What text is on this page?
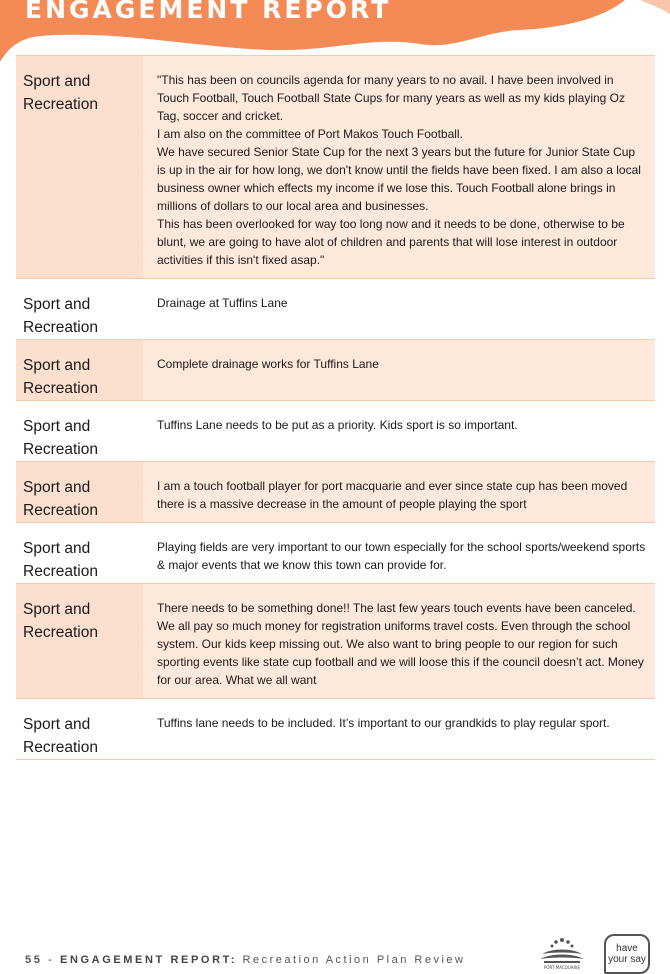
ENGAGEMENT REPORT
Sport and
Recreation
"This has been on councils agenda for many years to no avail. I have been involved in Touch Football, Touch Football State Cups for many years as well as my kids playing Oz Tag, soccer and cricket.
I am also on the committee of Port Makos Touch Football.
We have secured Senior State Cup for the next 3 years but the future for Junior State Cup is up in the air for how long, we don't know until the fields have been fixed. I am also a local business owner which effects my income if we lose this. Touch Football alone brings in millions of dollars to our local area and businesses.
This has been overlooked for way too long now and it needs to be done, otherwise to be blunt, we are going to have alot of children and parents that will lose interest in outdoor activities if this isn't fixed asap."
Sport and
Recreation
Drainage at Tuffins Lane
Sport and
Recreation
Complete drainage works for Tuffins Lane
Sport and
Recreation
Tuffins Lane needs to be put as a priority. Kids sport is so important.
Sport and
Recreation
I am a touch football player for port macquarie and ever since state cup has been moved there is a massive decrease in the amount of people playing the sport
Sport and
Recreation
Playing fields are very important to our town especially for the school sports/weekend sports & major events that we know this town can provide for.
Sport and
Recreation
There needs to be something done!! The last few years touch events have been canceled. We all pay so much money for registration uniforms travel costs. Even through the school system. Our kids keep missing out. We also want to bring people to our region for such sporting events like state cup football and we will loose this if the council doesn’t act. Money for our area. What we all want
Sport and
Recreation
Tuffins lane needs to be included. It’s important to our grandkids to play regular sport.
55 - ENGAGEMENT REPORT: Recreation Action Plan Review
PORT MACQUARIE
have
your say
